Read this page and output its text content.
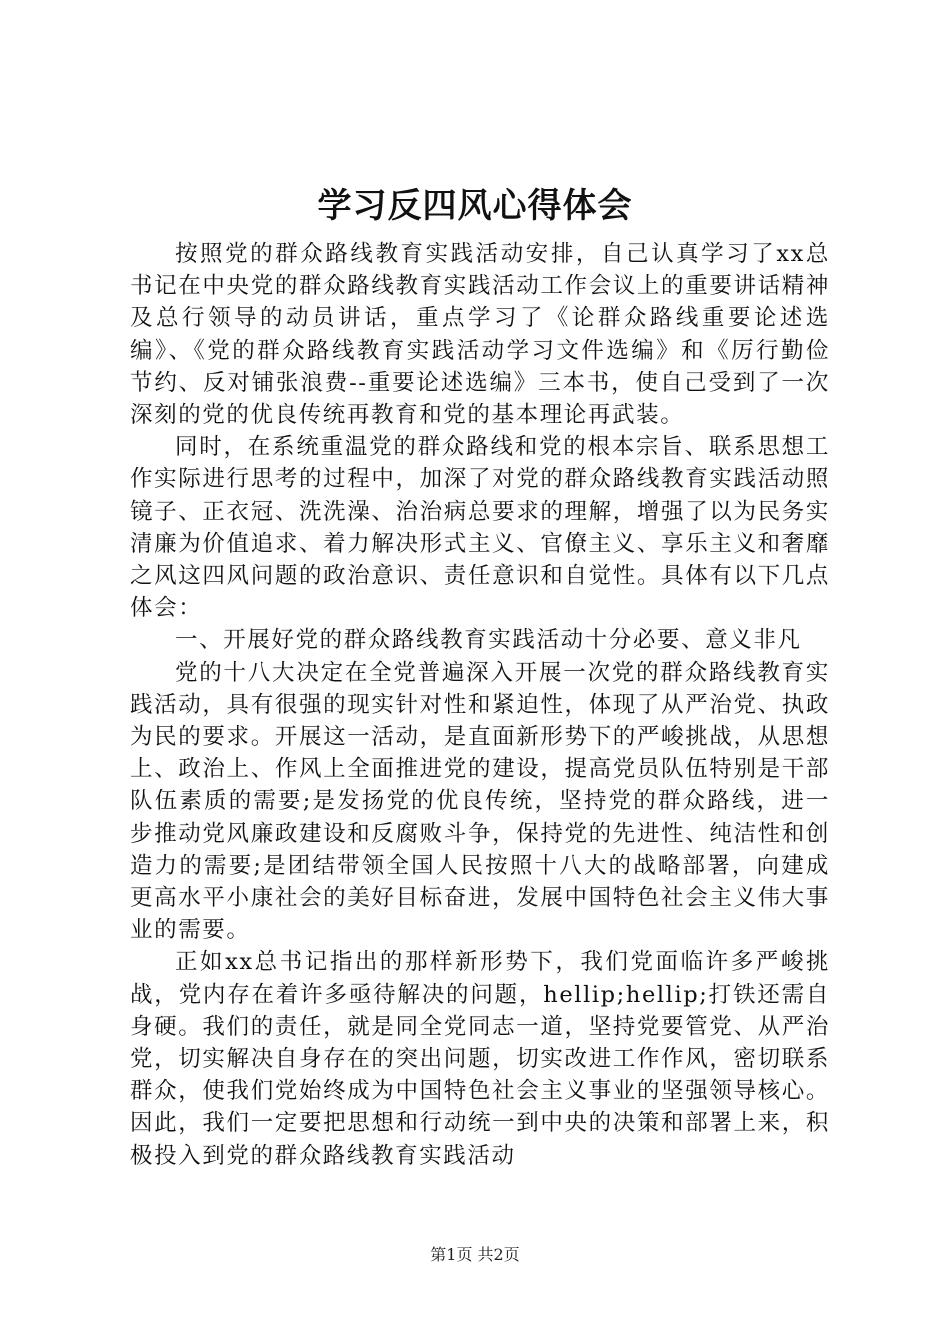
学习反四风心得体会

按照党的群众路线教育实践活动安排，自己认真学习了xx总书记在中央党的群众路线教育实践活动工作会议上的重要讲话精神及总行领导的动员讲话，重点学习了《论群众路线重要论述选编》、《党的群众路线教育实践活动学习文件选编》和《厉行勤俭节约、反对铺张浪费--重要论述选编》三本书，使自己受到了一次深刻的党的优良传统再教育和党的基本理论再武装。

同时，在系统重温党的群众路线和党的根本宗旨、联系思想工作实际进行思考的过程中，加深了对党的群众路线教育实践活动照镜子、正衣冠、洗洗澡、治治病总要求的理解，增强了以为民务实清廉为价值追求、着力解决形式主义、官僚主义、享乐主义和奢靡之风这四风问题的政治意识、责任意识和自觉性。具体有以下几点体会：

一、开展好党的群众路线教育实践活动十分必要、意义非凡

党的十八大决定在全党普遍深入开展一次党的群众路线教育实践活动，具有很强的现实针对性和紧迫性，体现了从严治党、执政为民的要求。开展这一活动，是直面新形势下的严峻挑战，从思想上、政治上、作风上全面推进党的建设，提高党员队伍特别是干部队伍素质的需要;是发扬党的优良传统，坚持党的群众路线，进一步推动党风廉政建设和反腐败斗争，保持党的先进性、纯洁性和创造力的需要;是团结带领全国人民按照十八大的战略部署，向建成更高水平小康社会的美好目标奋进，发展中国特色社会主义伟大事业的需要。

正如xx总书记指出的那样新形势下，我们党面临许多严峻挑战，党内存在着许多亟待解决的问题，hellip;hellip;打铁还需自身硬。我们的责任，就是同全党同志一道，坚持党要管党、从严治党，切实解决自身存在的突出问题，切实改进工作作风，密切联系群众，使我们党始终成为中国特色社会主义事业的坚强领导核心。因此，我们一定要把思想和行动统一到中央的决策和部署上来，积极投入到党的群众路线教育实践活动

第1页 共2页
